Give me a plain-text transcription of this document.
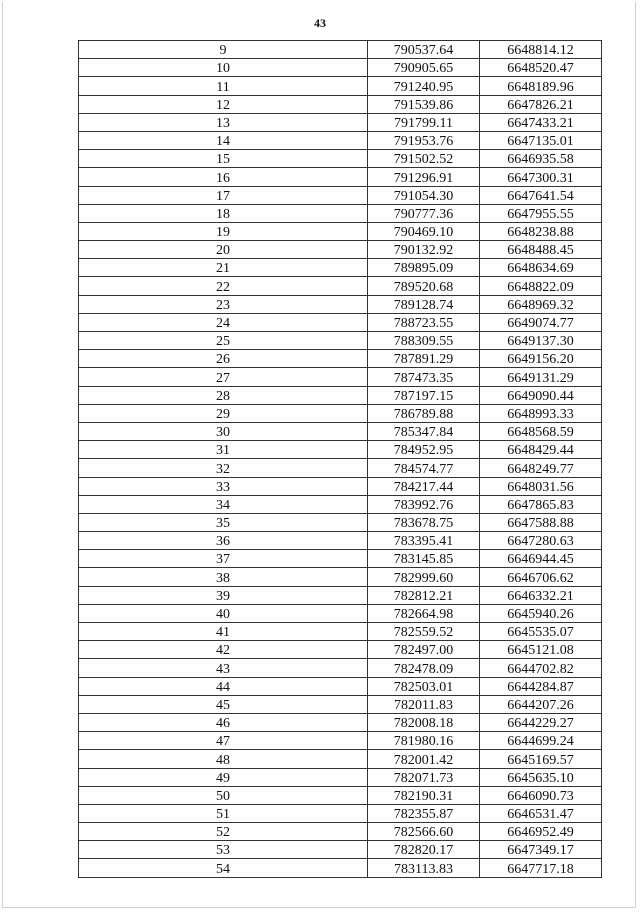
43
9	790537.64	6648814.12
10	790905.65	6648520.47
11	791240.95	6648189.96
12	791539.86	6647826.21
13	791799.11	6647433.21
14	791953.76	6647135.01
15	791502.52	6646935.58
16	791296.91	6647300.31
17	791054.30	6647641.54
18	790777.36	6647955.55
19	790469.10	6648238.88
20	790132.92	6648488.45
21	789895.09	6648634.69
22	789520.68	6648822.09
23	789128.74	6648969.32
24	788723.55	6649074.77
25	788309.55	6649137.30
26	787891.29	6649156.20
27	787473.35	6649131.29
28	787197.15	6649090.44
29	786789.88	6648993.33
30	785347.84	6648568.59
31	784952.95	6648429.44
32	784574.77	6648249.77
33	784217.44	6648031.56
34	783992.76	6647865.83
35	783678.75	6647588.88
36	783395.41	6647280.63
37	783145.85	6646944.45
38	782999.60	6646706.62
39	782812.21	6646332.21
40	782664.98	6645940.26
41	782559.52	6645535.07
42	782497.00	6645121.08
43	782478.09	6644702.82
44	782503.01	6644284.87
45	782011.83	6644207.26
46	782008.18	6644229.27
47	781980.16	6644699.24
48	782001.42	6645169.57
49	782071.73	6645635.10
50	782190.31	6646090.73
51	782355.87	6646531.47
52	782566.60	6646952.49
53	782820.17	6647349.17
54	783113.83	6647717.18
